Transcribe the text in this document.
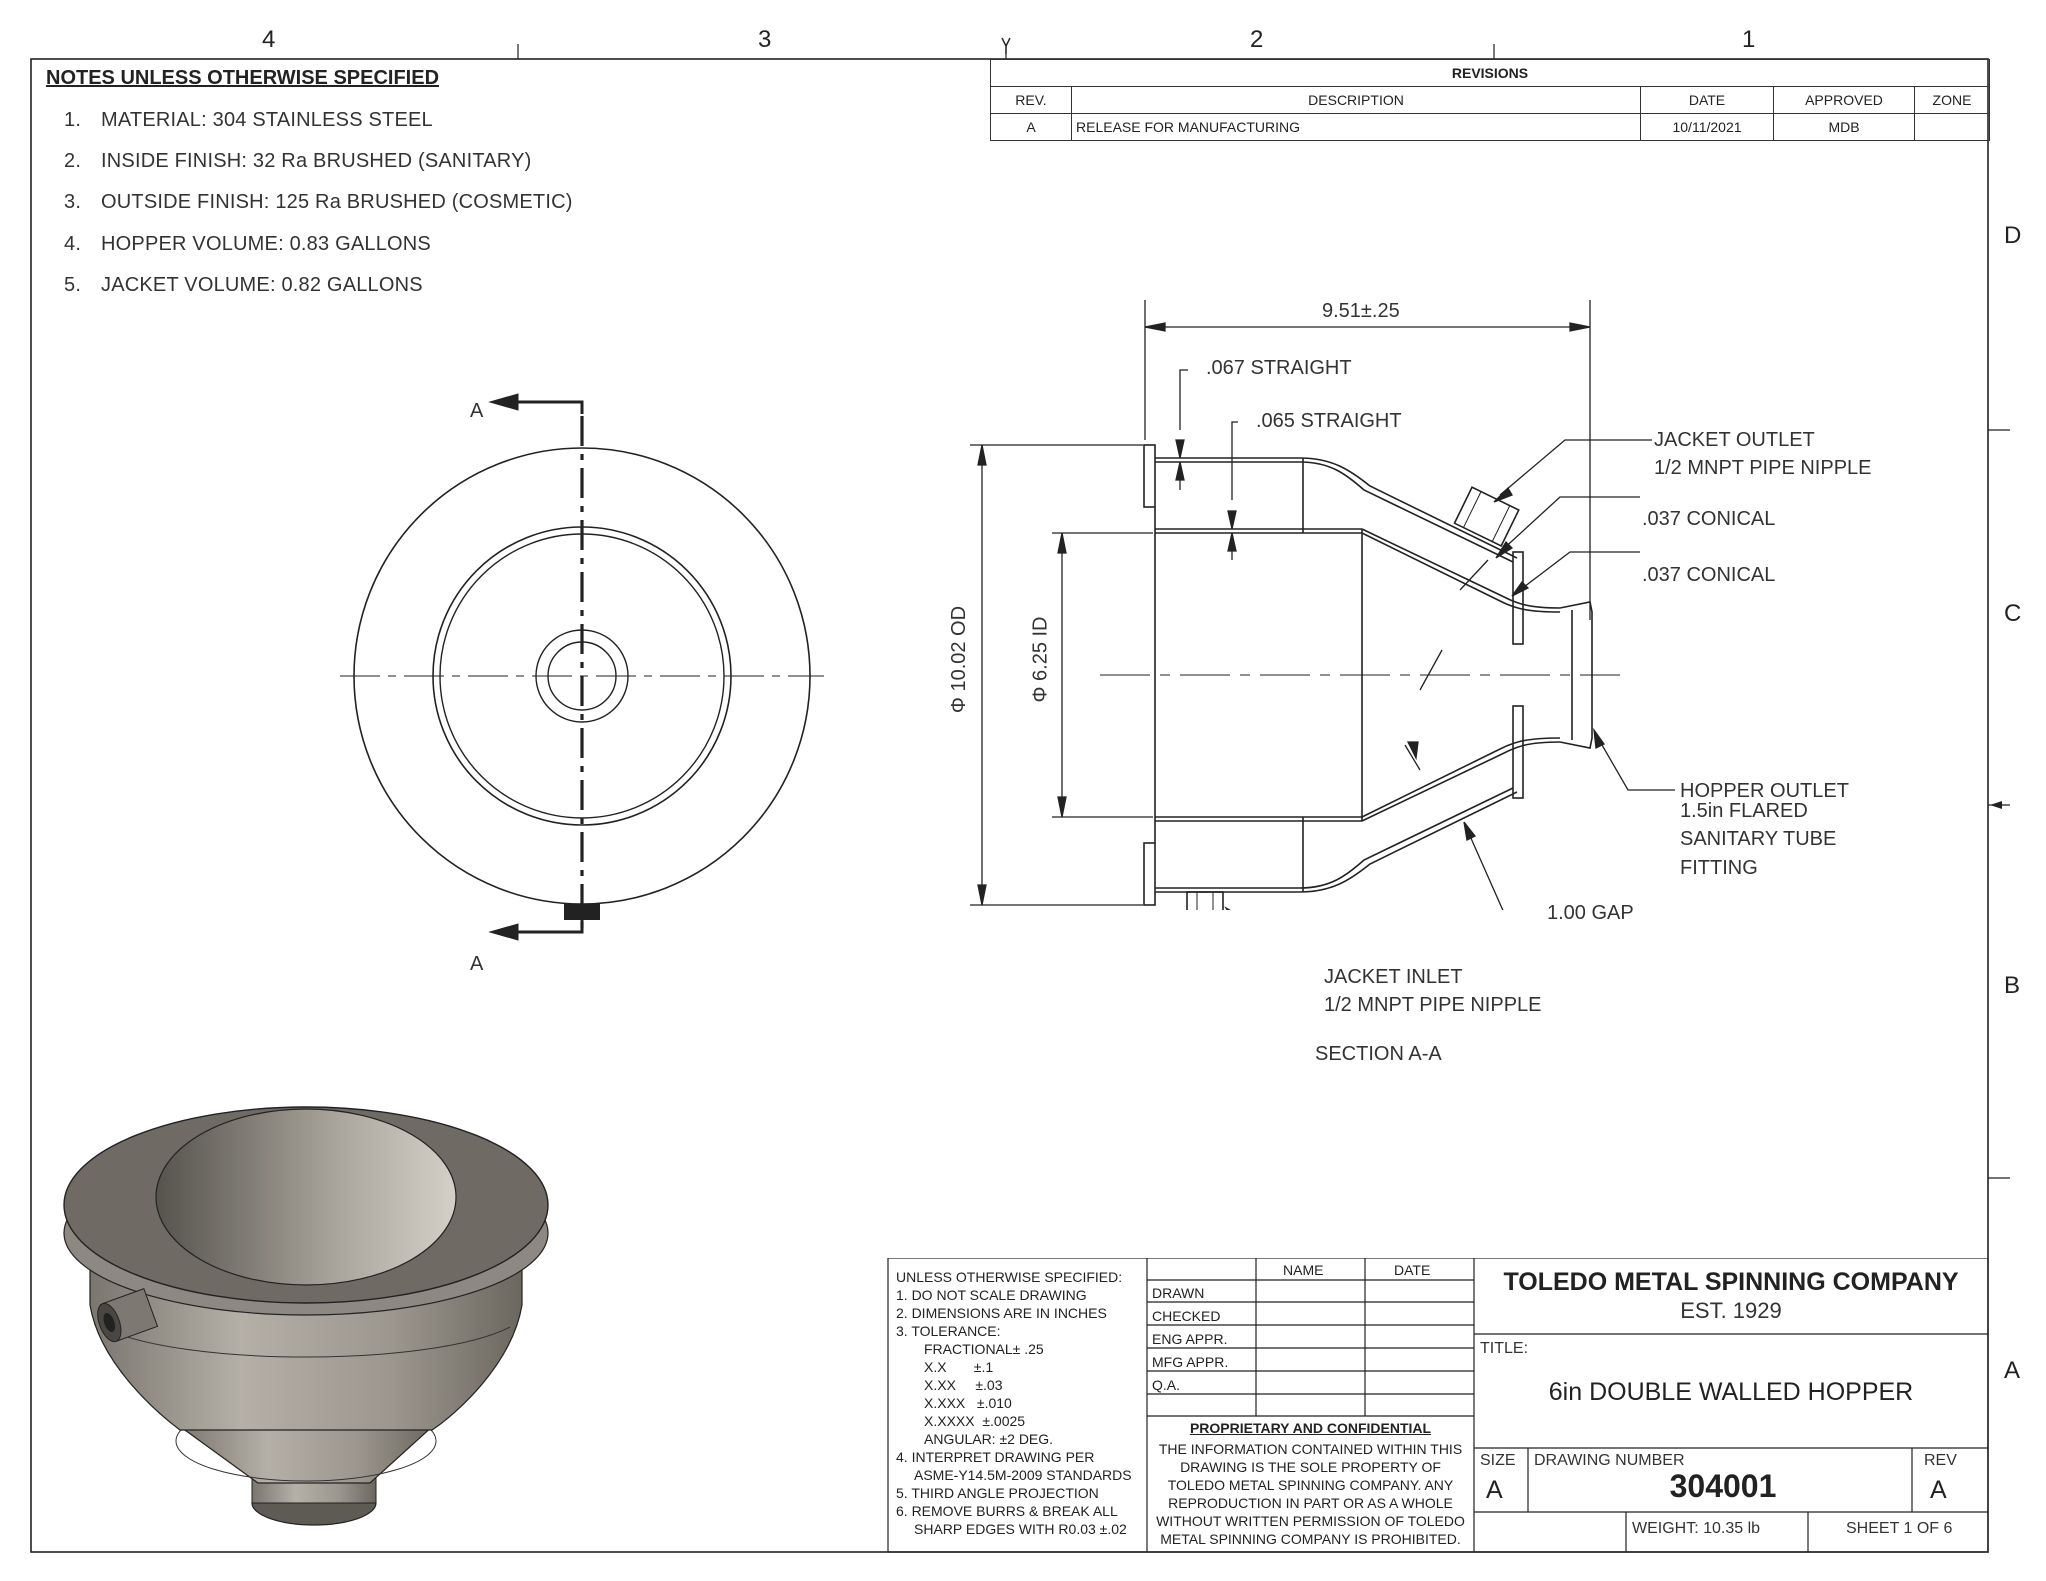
4	3	2	1
D
C
B
A
NOTES UNLESS OTHERWISE SPECIFIED
1. MATERIAL: 304 STAINLESS STEEL
2. INSIDE FINISH: 32 Ra BRUSHED (SANITARY)
3. OUTSIDE FINISH: 125 Ra BRUSHED (COSMETIC)
4. HOPPER VOLUME: 0.83 GALLONS
5. JACKET VOLUME: 0.82 GALLONS
REVISIONS				
REV.	DESCRIPTION	DATE	APPROVED	ZONE
A	RELEASE FOR MANUFACTURING	10/11/2021	MDB	
A
A
9.51±.25
.067 STRAIGHT
.065 STRAIGHT
JACKET OUTLET
1/2 MNPT PIPE NIPPLE
.037 CONICAL
.037 CONICAL
Φ 10.02 OD	Φ 6.25 ID
HOPPER OUTLET
1.5in FLARED
SANITARY TUBE
FITTING
1.00 GAP
JACKET INLET
1/2 MNPT PIPE NIPPLE
SECTION A-A
UNLESS OTHERWISE SPECIFIED:
1. DO NOT SCALE DRAWING
2. DIMENSIONS ARE IN INCHES
3. TOLERANCE:
FRACTIONAL± .25
X.X       ±.1
X.XX     ±.03
X.XXX   ±.010
X.XXXX  ±.0025
ANGULAR: ±2 DEG.
4. INTERPRET DRAWING PER
ASME-Y14.5M-2009 STANDARDS
5. THIRD ANGLE PROJECTION
6. REMOVE BURRS & BREAK ALL
SHARP EDGES WITH R0.03 ±.02
NAME	DATE
DRAWN
CHECKED
ENG APPR.
MFG APPR.
Q.A.
PROPRIETARY AND CONFIDENTIAL
THE INFORMATION CONTAINED WITHIN THIS
DRAWING IS THE SOLE PROPERTY OF
TOLEDO METAL SPINNING COMPANY. ANY
REPRODUCTION IN PART OR AS A WHOLE
WITHOUT WRITTEN PERMISSION OF TOLEDO
METAL SPINNING COMPANY IS PROHIBITED.
TOLEDO METAL SPINNING COMPANY
EST. 1929
TITLE:
6in DOUBLE WALLED HOPPER
SIZE
A
DRAWING NUMBER
304001
REV
A
WEIGHT: 10.35 lb	SHEET 1 OF 6
